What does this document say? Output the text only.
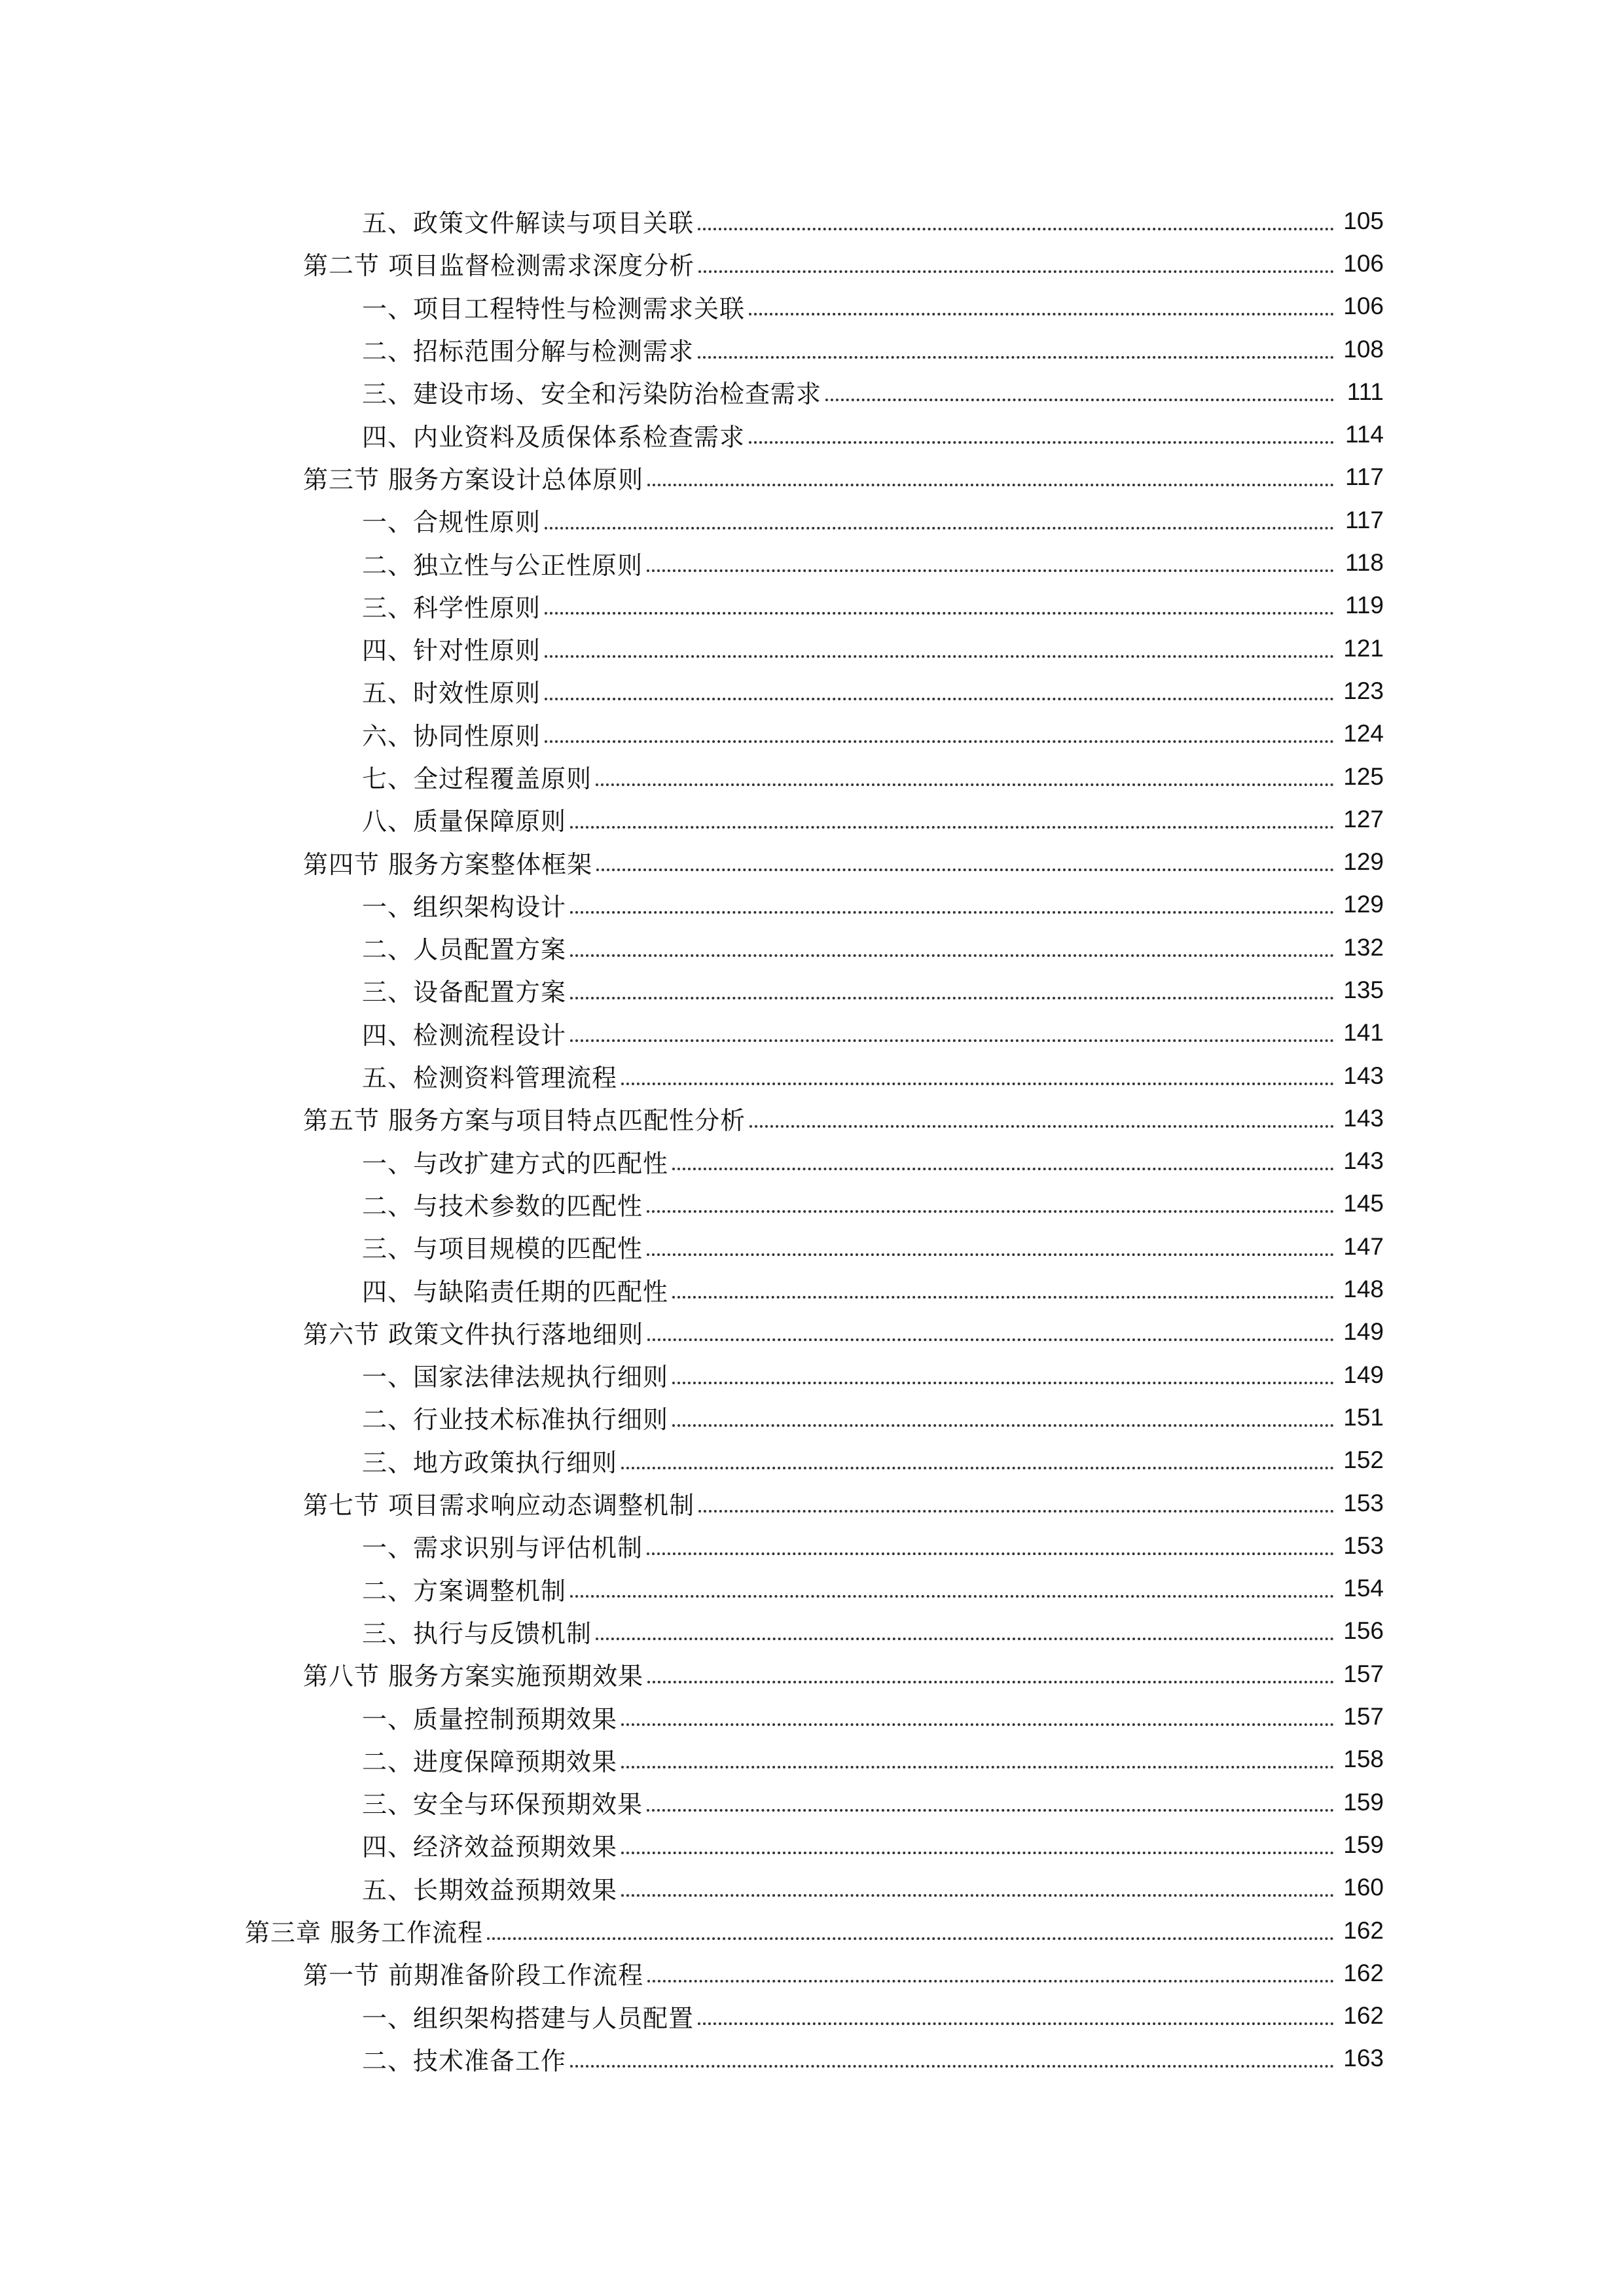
五、政策文件解读与项目关联	105
第二节 项目监督检测需求深度分析	106
一、项目工程特性与检测需求关联	106
二、招标范围分解与检测需求	108
三、建设市场、安全和污染防治检查需求	111
四、内业资料及质保体系检查需求	114
第三节 服务方案设计总体原则	117
一、合规性原则	117
二、独立性与公正性原则	118
三、科学性原则	119
四、针对性原则	121
五、时效性原则	123
六、协同性原则	124
七、全过程覆盖原则	125
八、质量保障原则	127
第四节 服务方案整体框架	129
一、组织架构设计	129
二、人员配置方案	132
三、设备配置方案	135
四、检测流程设计	141
五、检测资料管理流程	143
第五节 服务方案与项目特点匹配性分析	143
一、与改扩建方式的匹配性	143
二、与技术参数的匹配性	145
三、与项目规模的匹配性	147
四、与缺陷责任期的匹配性	148
第六节 政策文件执行落地细则	149
一、国家法律法规执行细则	149
二、行业技术标准执行细则	151
三、地方政策执行细则	152
第七节 项目需求响应动态调整机制	153
一、需求识别与评估机制	153
二、方案调整机制	154
三、执行与反馈机制	156
第八节 服务方案实施预期效果	157
一、质量控制预期效果	157
二、进度保障预期效果	158
三、安全与环保预期效果	159
四、经济效益预期效果	159
五、长期效益预期效果	160
第三章 服务工作流程	162
第一节 前期准备阶段工作流程	162
一、组织架构搭建与人员配置	162
二、技术准备工作	163
